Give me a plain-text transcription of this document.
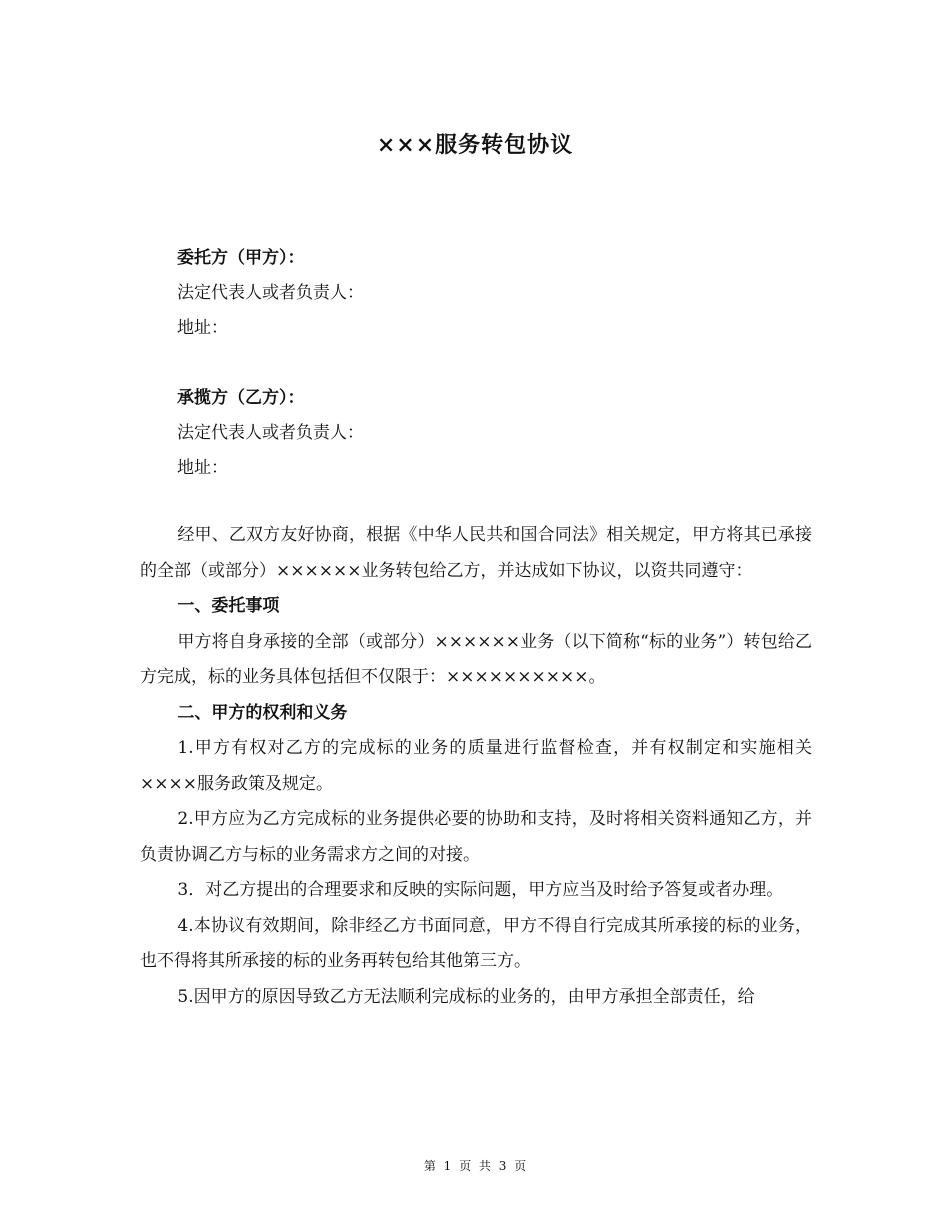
×××服务转包协议
委托方（甲方）：
法定代表人或者负责人：
地址：
承揽方（乙方）：
法定代表人或者负责人：
地址：

经甲、乙双方友好协商，根据《中华人民共和国合同法》相关规定，甲方将其已承接的全部（或部分）××××××业务转包给乙方，并达成如下协议，以资共同遵守：

一、委托事项

甲方将自身承接的全部（或部分）××××××业务（以下简称“标的业务”）转包给乙方完成，标的业务具体包括但不仅限于：××××××××××。

二、甲方的权利和义务

1.甲方有权对乙方的完成标的业务的质量进行监督检查，并有权制定和实施相关××××服务政策及规定。

2.甲方应为乙方完成标的业务提供必要的协助和支持，及时将相关资料通知乙方，并负责协调乙方与标的业务需求方之间的对接。

3．对乙方提出的合理要求和反映的实际问题，甲方应当及时给予答复或者办理。

4.本协议有效期间，除非经乙方书面同意，甲方不得自行完成其所承接的标的业务，也不得将其所承接的标的业务再转包给其他第三方。

5.因甲方的原因导致乙方无法顺利完成标的业务的，由甲方承担全部责任，给

第 1 页 共 3 页
